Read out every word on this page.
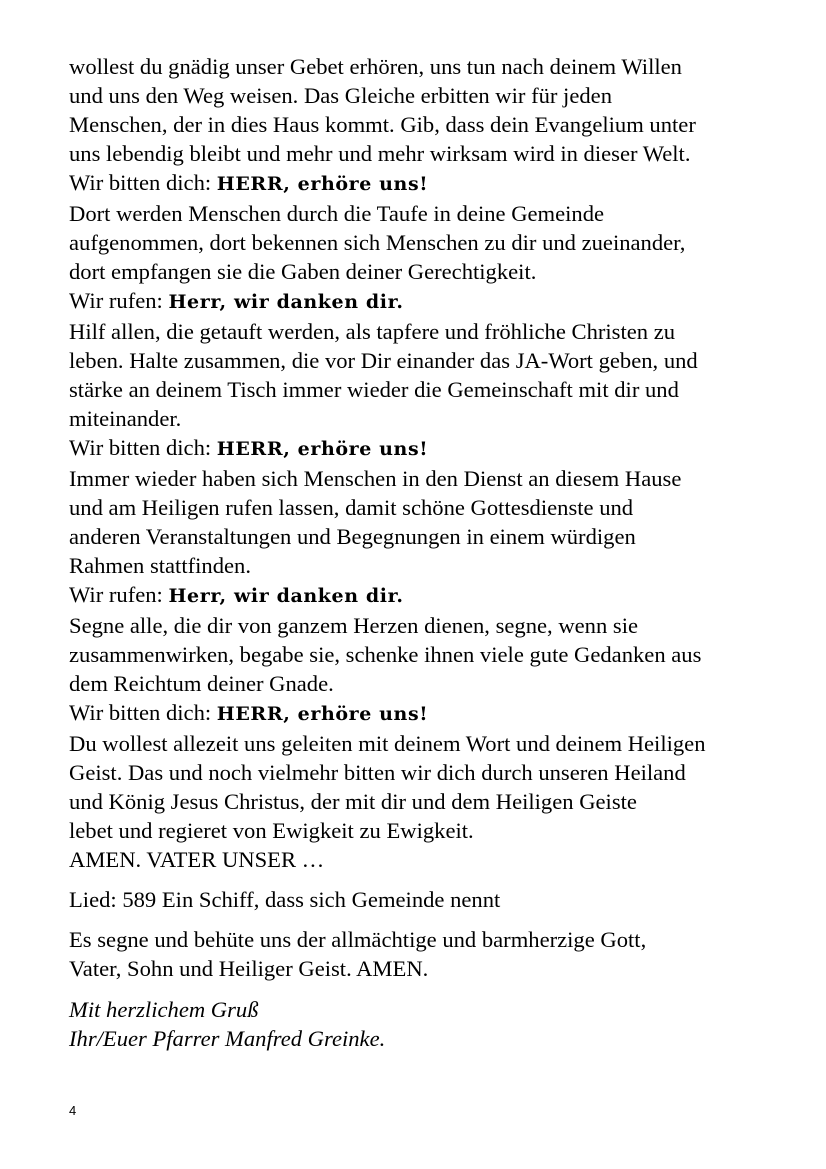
wollest du gnädig unser Gebet erhören, uns tun nach deinem Willen
und uns den Weg weisen. Das Gleiche erbitten wir für jeden
Menschen, der in dies Haus kommt. Gib, dass dein Evangelium unter
uns lebendig bleibt und mehr und mehr wirksam wird in dieser Welt.
Wir bitten dich: HERR, erhöre uns!
Dort werden Menschen durch die Taufe in deine Gemeinde
aufgenommen, dort bekennen sich Menschen zu dir und zueinander,
dort empfangen sie die Gaben deiner Gerechtigkeit.
Wir rufen: Herr, wir danken dir.
Hilf allen, die getauft werden, als tapfere und fröhliche Christen zu
leben. Halte zusammen, die vor Dir einander das JA-Wort geben, und
stärke an deinem Tisch immer wieder die Gemeinschaft mit dir und
miteinander.
Wir bitten dich: HERR, erhöre uns!
Immer wieder haben sich Menschen in den Dienst an diesem Hause
und am Heiligen rufen lassen, damit schöne Gottesdienste und
anderen Veranstaltungen und Begegnungen in einem würdigen
Rahmen stattfinden.
Wir rufen: Herr, wir danken dir.
Segne alle, die dir von ganzem Herzen dienen, segne, wenn sie
zusammenwirken, begabe sie, schenke ihnen viele gute Gedanken aus
dem Reichtum deiner Gnade.
Wir bitten dich: HERR, erhöre uns!
Du wollest allezeit uns geleiten mit deinem Wort und deinem Heiligen
Geist. Das und noch vielmehr bitten wir dich durch unseren Heiland
und König Jesus Christus, der mit dir und dem Heiligen Geiste
lebet und regieret von Ewigkeit zu Ewigkeit.
AMEN. VATER UNSER …
Lied: 589 Ein Schiff, dass sich Gemeinde nennt
Es segne und behüte uns der allmächtige und barmherzige Gott,
Vater, Sohn und Heiliger Geist. AMEN.
Mit herzlichem Gruß
Ihr/Euer Pfarrer Manfred Greinke.
4
